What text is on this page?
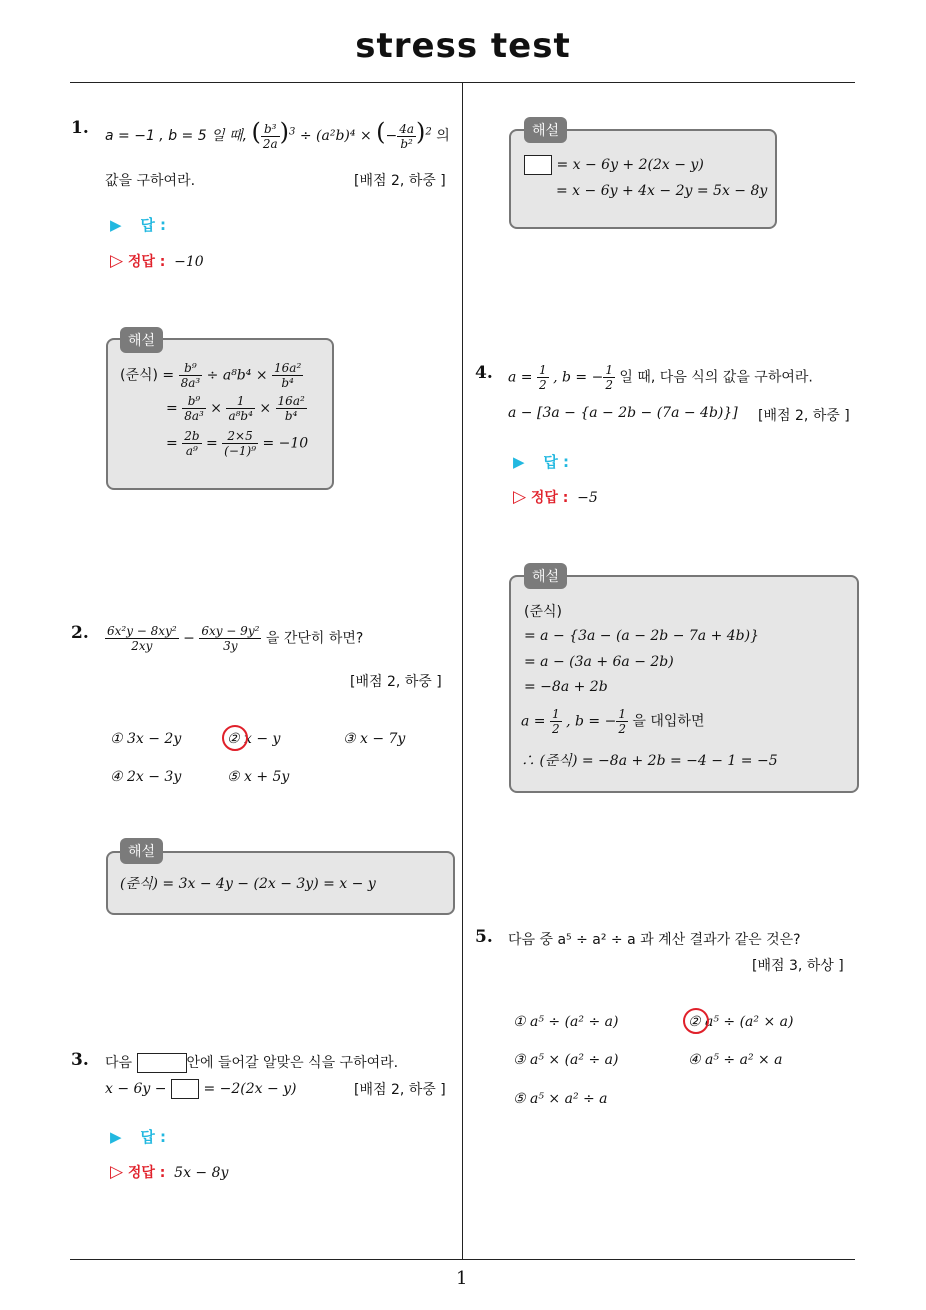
stress test
1
1. a = −1 , b = 5 일 때, ( $\frac{\text{b³}}{2a} )^3 \div (a^2b)^4$ × (− $\frac{4a}{\text{b²}} )^2$ 의
값을 구하여라.	[배점 2, 하중 ]
▶ 답 :
▷ 정답 : −10
해설
(준식) = $\frac{\text{b⁹}}{\text{8a³}} \div a^8b^4 \times \frac{\text{16a²}}{\text{b⁴}}$
= $\frac{\text{b⁹}}{\text{8a³}} \times \frac{1}{\text{a⁸b⁴}} \times \frac{\text{16a²}}{\text{b⁴}}$
= $\frac{2b}{\text{a⁹}} = \frac{2\times 5}{\text{(−1)⁹}} = -10$
2. $\frac{\text{6x²y − 8xy²}}{2xy} - \frac{\text{6xy − 9y²}}{3y}$ 을 간단히 하면?
[배점 2, 하중 ]
① 3x − 2y	② x − y	③ x − 7y
④ 2x − 3y	⑤ x + 5y
해설
(준식) = 3x − 4y − (2x − 3y) = x − y
3. 다음	안에 들어갈 알맞은 식을 구하여라.
x − 6y −	= −2(2x − y)	[배점 2, 하중 ]
▶ 답 :
▷ 정답 : 5x − 8y
해설
= x − 6y + 2(2x − y)
= x − 6y + 4x − 2y = 5x − 8y
4. $a = \frac{1}{2}$ , b = − $\frac{1}{2}$ 일 때, 다음 식의 값을 구하여라.
a − [3a − {a − 2b − (7a − 4b)}] [배점 2, 하중 ]
▶ 답 :
▷ 정답 : −5
해설
(준식)
= a − {3a − (a − 2b − 7a + 4b)}
= a − (3a + 6a − 2b)
= −8a + 2b
$a = \frac{1}{2}$ , b = − $\frac{1}{2}$ 을 대입하면
∴ (준식) = −8a + 2b = −4 − 1 = −5
5. 다음 중 a⁵ ÷ a² ÷ a 과 계산 결과가 같은 것은?
[배점 3, 하상 ]
① a⁵ ÷ (a² ÷ a)	② a⁵ ÷ (a² × a)
③ a⁵ × (a² ÷ a)	④ a⁵ ÷ a² × a
⑤ a⁵ × a² ÷ a
